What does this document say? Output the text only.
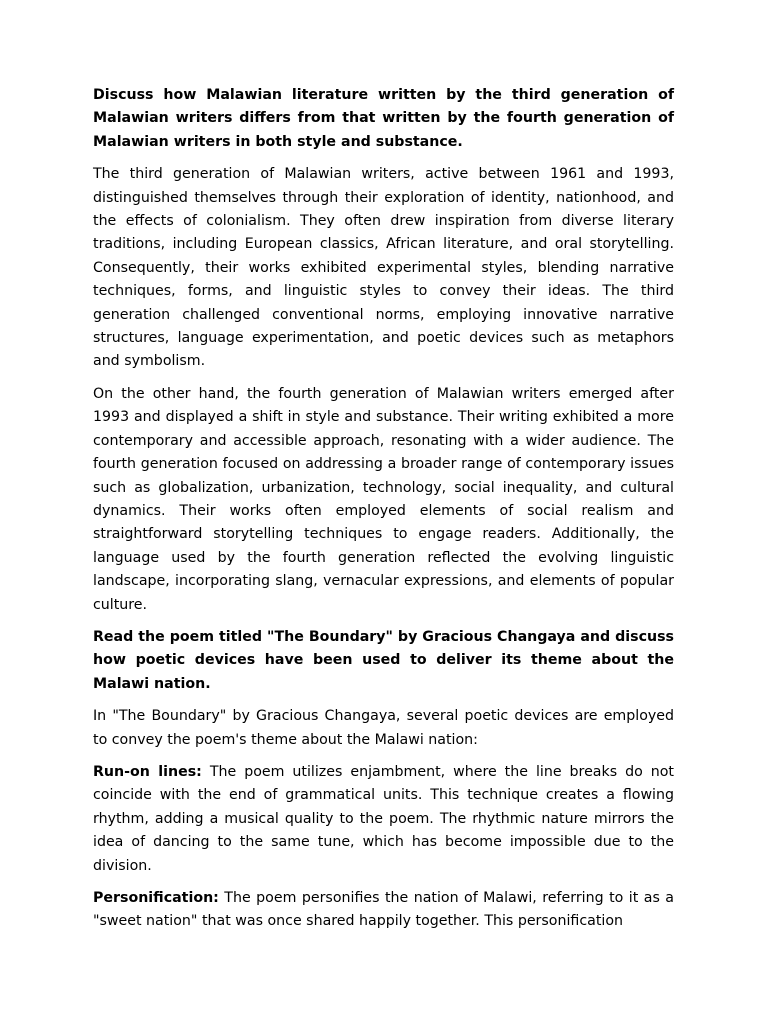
Discuss how Malawian literature written by the third generation of Malawian writers differs from that written by the fourth generation of Malawian writers in both style and substance.

The third generation of Malawian writers, active between 1961 and 1993, distinguished themselves through their exploration of identity, nationhood, and the effects of colonialism. They often drew inspiration from diverse literary traditions, including European classics, African literature, and oral storytelling. Consequently, their works exhibited experimental styles, blending narrative techniques, forms, and linguistic styles to convey their ideas. The third generation challenged conventional norms, employing innovative narrative structures, language experimentation, and poetic devices such as metaphors and symbolism.

On the other hand, the fourth generation of Malawian writers emerged after 1993 and displayed a shift in style and substance. Their writing exhibited a more contemporary and accessible approach, resonating with a wider audience. The fourth generation focused on addressing a broader range of contemporary issues such as globalization, urbanization, technology, social inequality, and cultural dynamics. Their works often employed elements of social realism and straightforward storytelling techniques to engage readers. Additionally, the language used by the fourth generation reflected the evolving linguistic landscape, incorporating slang, vernacular expressions, and elements of popular culture.

Read the poem titled "The Boundary" by Gracious Changaya and discuss how poetic devices have been used to deliver its theme about the Malawi nation.

In "The Boundary" by Gracious Changaya, several poetic devices are employed to convey the poem's theme about the Malawi nation:

Run-on lines: The poem utilizes enjambment, where the line breaks do not coincide with the end of grammatical units. This technique creates a flowing rhythm, adding a musical quality to the poem. The rhythmic nature mirrors the idea of dancing to the same tune, which has become impossible due to the division.

Personification: The poem personifies the nation of Malawi, referring to it as a "sweet nation" that was once shared happily together. This personification
